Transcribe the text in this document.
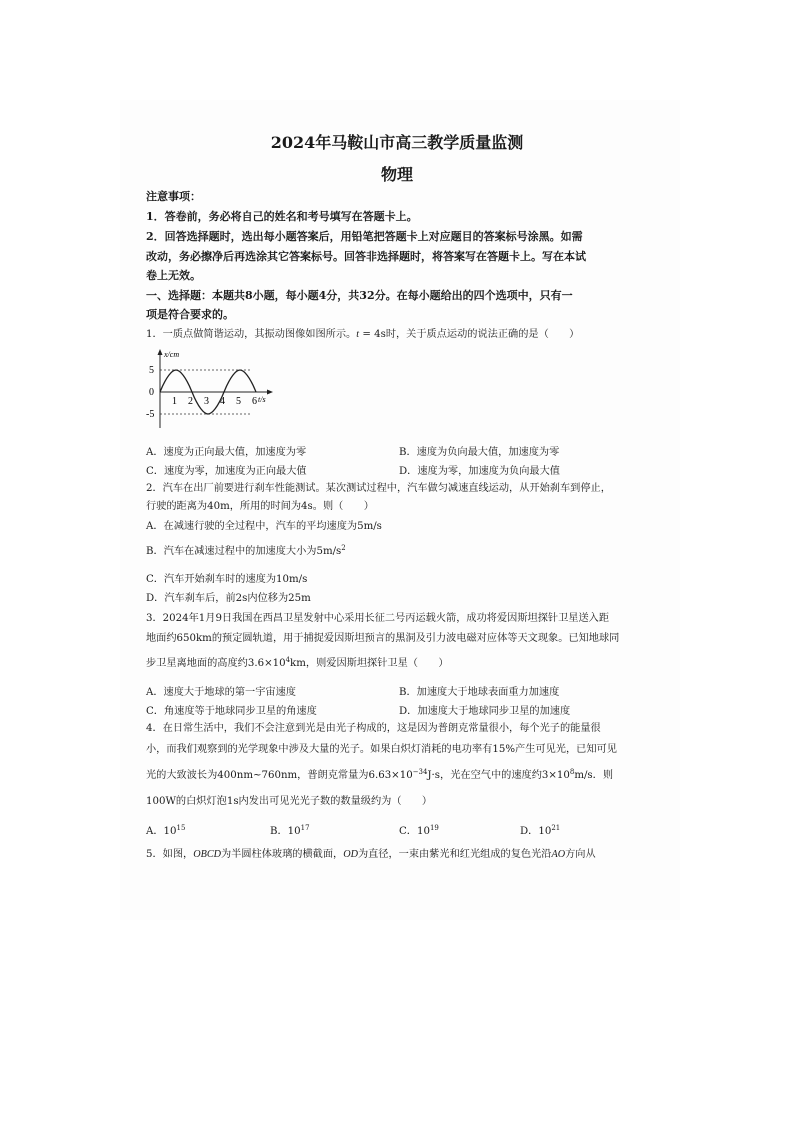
2024年马鞍山市高三教学质量监测
物理
注意事项：
1．答卷前，务必将自己的姓名和考号填写在答题卡上。
2．回答选择题时，选出每小题答案后，用铅笔把答题卡上对应题目的答案标号涂黑。如需
改动，务必擦净后再选涂其它答案标号。回答非选择题时，将答案写在答题卡上。写在本试
卷上无效。
一、选择题：本题共8小题，每小题4分，共32分。在每小题给出的四个选项中，只有一
项是符合要求的。
1．一质点做简谐运动，其振动图像如图所示。t = 4s时，关于质点运动的说法正确的是（　　）
x/cm
5
0
-5
t/s
1 2 3 4 5 6
A．速度为正向最大值，加速度为零	B．速度为负向最大值，加速度为零
C．速度为零，加速度为正向最大值	D．速度为零，加速度为负向最大值
2．汽车在出厂前要进行刹车性能测试。某次测试过程中，汽车做匀减速直线运动，从开始刹车到停止，
行驶的距离为40m，所用的时间为4s。则（　　）
A．在减速行驶的全过程中，汽车的平均速度为5m/s
B．汽车在减速过程中的加速度大小为$5m/s^2$
C．汽车开始刹车时的速度为10m/s
D．汽车刹车后，前2s内位移为25m
3．2024年1月9日我国在西昌卫星发射中心采用长征二号丙运载火箭，成功将爱因斯坦探针卫星送入距
地面约650km的预定圆轨道，用于捕捉爱因斯坦预言的黑洞及引力波电磁对应体等天文现象。已知地球同
步卫星离地面的高度约$3.6\times 10^4km$，则爱因斯坦探针卫星（　　）
A．速度大于地球的第一宇宙速度	B．加速度大于地球表面重力加速度
C．角速度等于地球同步卫星的角速度	D．加速度大于地球同步卫星的加速度
4．在日常生活中，我们不会注意到光是由光子构成的，这是因为普朗克常量很小，每个光子的能量很
小，而我们观察到的光学现象中涉及大量的光子。如果白炽灯消耗的电功率有15%产生可见光，已知可见
光的大致波长为400nm~760nm，普朗克常量为$6.63\times 10^{-34}J\cdot s$，光在空气中的速度约$3\times 10^8m/s$．则
100W的白炽灯泡1s内发出可见光光子数的数量级约为（　　）
A．$10^{15}$	B．$10^{17}$	C．$10^{19}$	D．$10^{21}$
5．如图，OBCD为半圆柱体玻璃的横截面，OD为直径，一束由紫光和红光组成的复色光沿AO方向从
